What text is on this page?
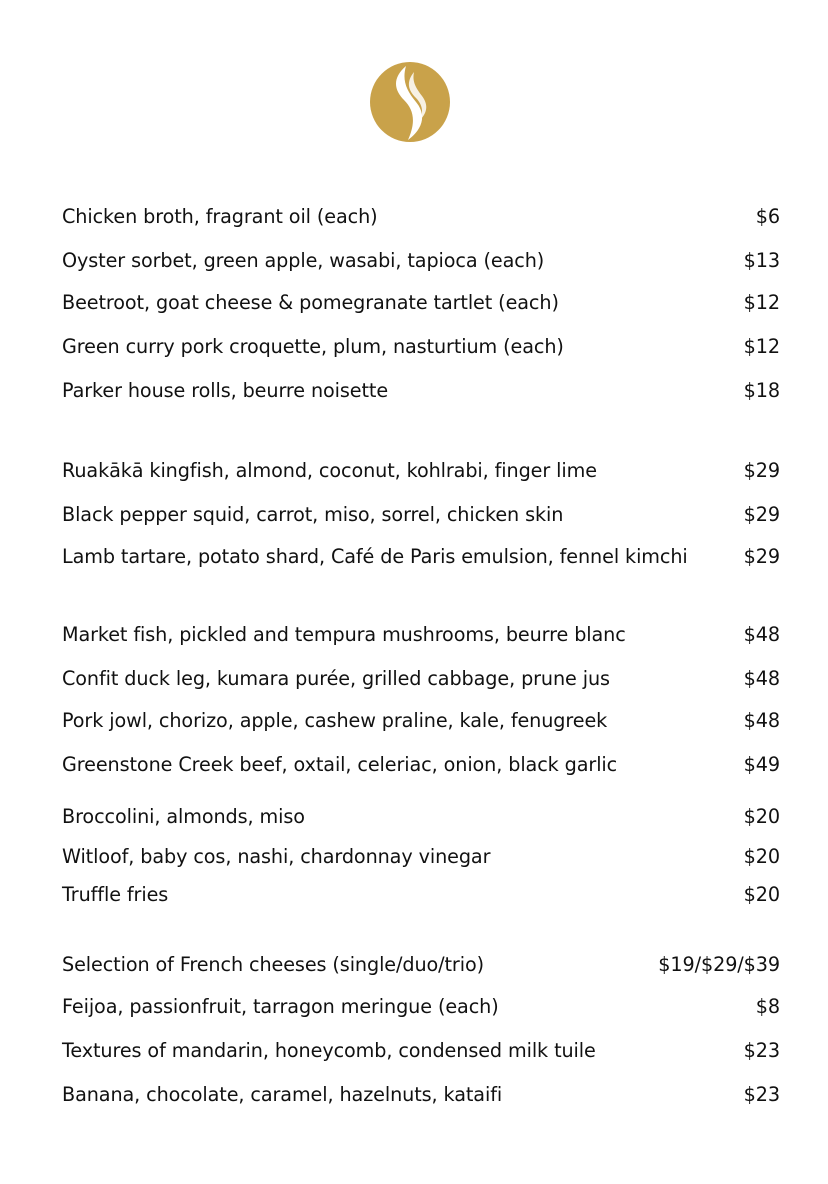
Chicken broth, fragrant oil (each)	$6
Oyster sorbet, green apple, wasabi, tapioca (each)	$13
Beetroot, goat cheese & pomegranate tartlet (each)	$12
Green curry pork croquette, plum, nasturtium (each)	$12
Parker house rolls, beurre noisette	$18
Ruakākā kingfish, almond, coconut, kohlrabi, finger lime	$29
Black pepper squid, carrot, miso, sorrel, chicken skin	$29
Lamb tartare, potato shard, Café de Paris emulsion, fennel kimchi	$29
Market fish, pickled and tempura mushrooms, beurre blanc	$48
Confit duck leg, kumara purée, grilled cabbage, prune jus	$48
Pork jowl, chorizo, apple, cashew praline, kale, fenugreek	$48
Greenstone Creek beef, oxtail, celeriac, onion, black garlic	$49
Broccolini, almonds, miso	$20
Witloof, baby cos, nashi, chardonnay vinegar	$20
Truffle fries	$20
Selection of French cheeses (single/duo/trio)	$19/$29/$39
Feijoa, passionfruit, tarragon meringue (each)	$8
Textures of mandarin, honeycomb, condensed milk tuile	$23
Banana, chocolate, caramel, hazelnuts, kataifi	$23
